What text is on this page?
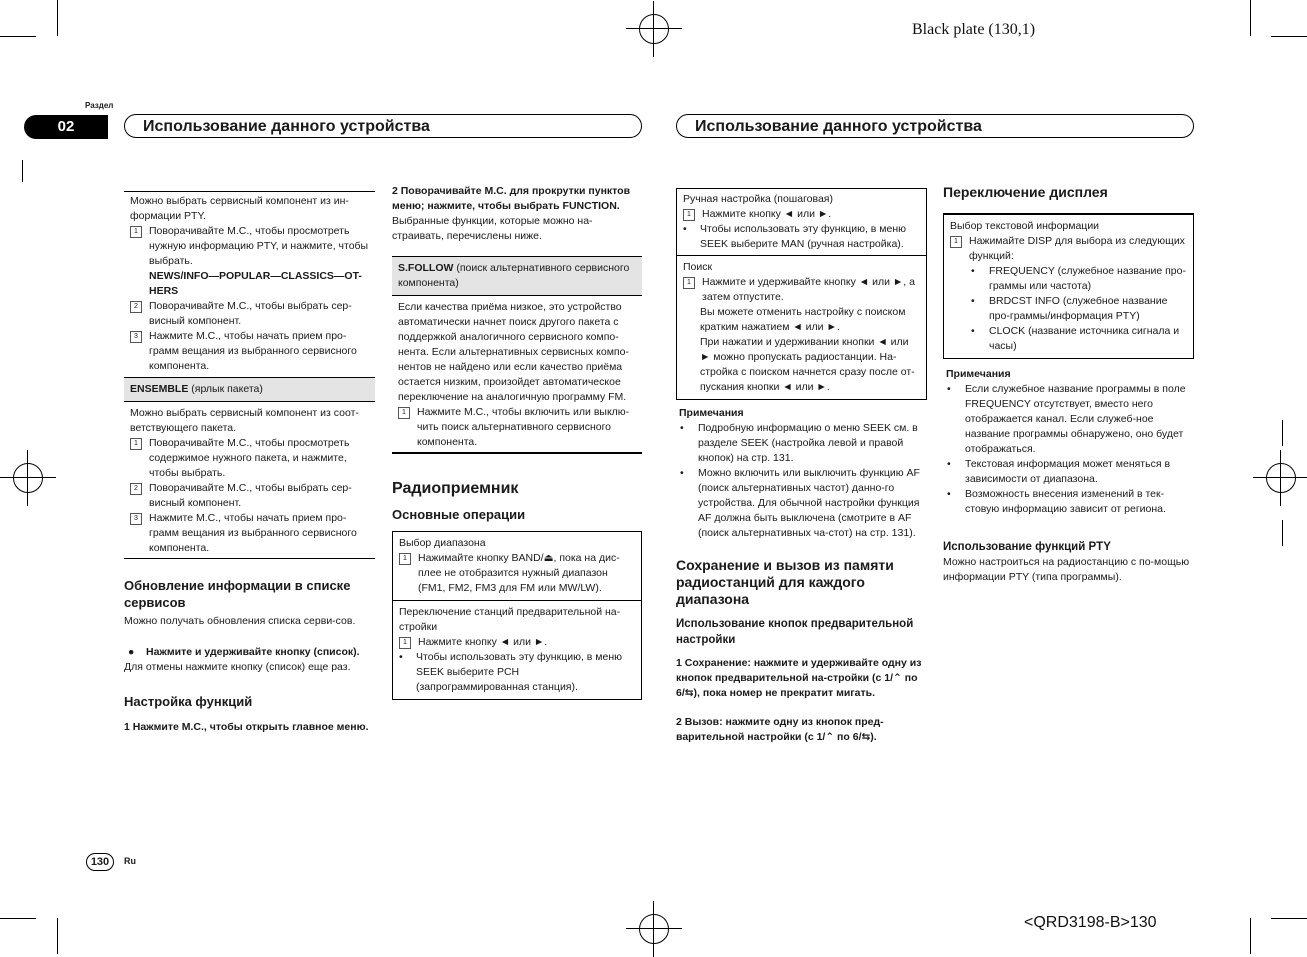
Black plate (130,1)
<QRD3198-B>130
Раздел
02	Использование данного устройства	Использование данного устройства
130	Ru

Можно выбрать сервисный компонент из ин-формации PTY.

1	Поворачивайте M.C., чтобы просмотреть нужную информацию PTY, и нажмите, чтобы выбрать.
NEWS/INFO—POPULAR—CLASSICS—OT-HERS
2	Поворачивайте M.C., чтобы выбрать сер-висный компонент.
3	Нажмите M.C., чтобы начать прием про-грамм вещания из выбранного сервисного компонента.
ENSEMBLE (ярлык пакета)

Можно выбрать сервисный компонент из соот-ветствующего пакета.

1	Поворачивайте M.C., чтобы просмотреть содержимое нужного пакета, и нажмите, чтобы выбрать.
2	Поворачивайте M.C., чтобы выбрать сер-висный компонент.
3	Нажмите M.C., чтобы начать прием про-грамм вещания из выбранного сервисного компонента.
Обновление информации в списке сервисов

Можно получать обновления списка серви-сов.

●	Нажмите и удерживайте кнопку (список).

Для отмены нажмите кнопку (список) еще раз.

Настройка функций

1 Нажмите M.C., чтобы открыть главное меню.

2 Поворачивайте M.C. для прокрутки пунктов меню; нажмите, чтобы выбрать FUNCTION.

Выбранные функции, которые можно на-страивать, перечислены ниже.

S.FOLLOW (поиск альтернативного сервисного компонента)

Если качества приёма низкое, это устройство автоматически начнет поиск другого пакета с поддержкой аналогичного сервисного компо-нента. Если альтернативных сервисных компо-нентов не найдено или если качество приёма остается низким, произойдет автоматическое переключение на аналогичную программу FM.

1	Нажмите M.C., чтобы включить или выклю-чить поиск альтернативного сервисного компонента.
Радиоприемник
Основные операции

Выбор диапазона

1	Нажимайте кнопку BAND/⏏, пока на дис-плее не отобразится нужный диапазон (FM1, FM2, FM3 для FM или MW/LW).

Переключение станций предварительной на-стройки

1	Нажмите кнопку ◄ или ►.
•	Чтобы использовать эту функцию, в меню SEEK выберите PCH (запрограммированная станция).

Ручная настройка (пошаговая)

1	Нажмите кнопку ◄ или ►.
•	Чтобы использовать эту функцию, в меню SEEK выберите MAN (ручная настройка).

Поиск

1	Нажмите и удерживайте кнопку ◄ или ►, а затем отпустите.

Вы можете отменить настройку с поиском кратким нажатием ◄ или ►.

При нажатии и удерживании кнопки ◄ или ► можно пропускать радиостанции. На-стройка с поиском начнется сразу после от-пускания кнопки ◄ или ►.

Примечания

•	Подробную информацию о меню SEEK см. в разделе SEEK (настройка левой и правой кнопок) на стр. 131.
•	Можно включить или выключить функцию AF (поиск альтернативных частот) данно-го устройства. Для обычной настройки функция AF должна быть выключена (смотрите в AF (поиск альтернативных ча-стот) на стр. 131).
Сохранение и вызов из памяти радиостанций для каждого диапазона
Использование кнопок предварительной настройки

1 Сохранение: нажмите и удерживайте одну из кнопок предварительной на-стройки (с 1/⌃ по 6/⇆), пока номер не прекратит мигать.

2 Вызов: нажмите одну из кнопок пред-варительной настройки (с 1/⌃ по 6/⇆).

Переключение дисплея

Выбор текстовой информации

1	Нажимайте DISP для выбора из следующих функций:
•	FREQUENCY (служебное название про-граммы или частота)
•	BRDCST INFO (служебное название про-граммы/информация PTY)
•	CLOCK (название источника сигнала и часы)

Примечания

•	Если служебное название программы в поле FREQUENCY отсутствует, вместо него отображается канал. Если служеб-ное название программы обнаружено, оно будет отображаться.
•	Текстовая информация может меняться в зависимости от диапазона.
•	Возможность внесения изменений в тек-стовую информацию зависит от региона.
Использование функций PTY

Можно настроиться на радиостанцию с по-мощью информации PTY (типа программы).
